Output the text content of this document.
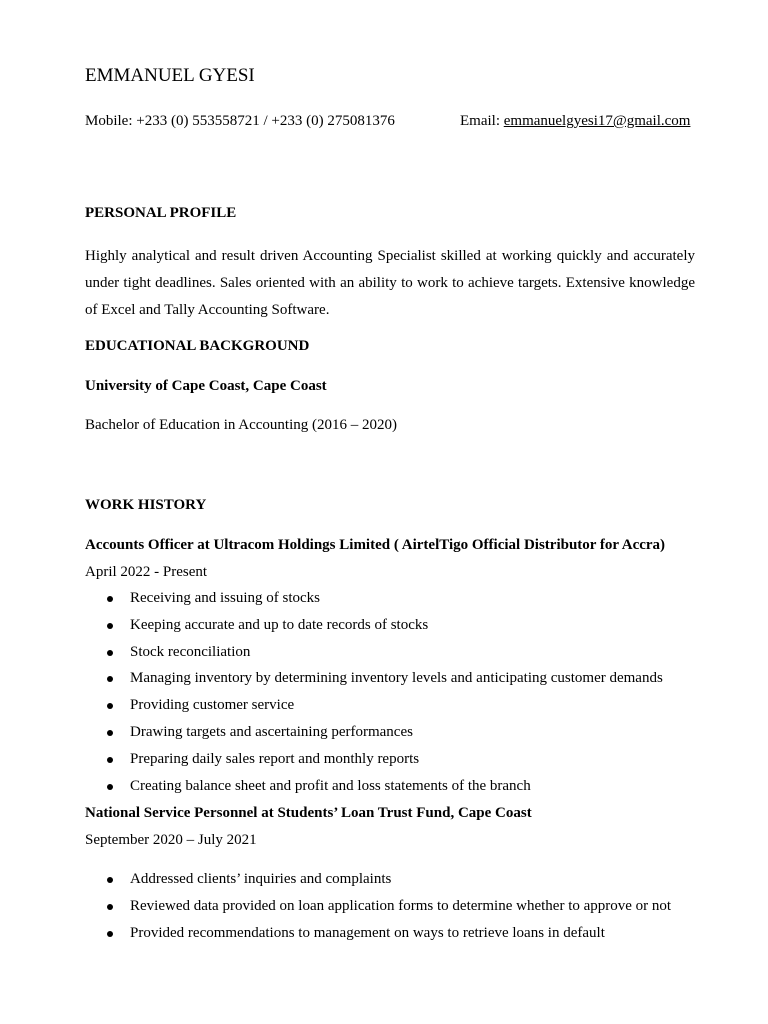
EMMANUEL GYESI
Mobile: +233 (0) 553558721 / +233 (0) 275081376	Email: emmanuelgyesi17@gmail.com
PERSONAL PROFILE
Highly analytical and result driven Accounting Specialist skilled at working quickly and accurately under tight deadlines. Sales oriented with an ability to work to achieve targets. Extensive knowledge of Excel and Tally Accounting Software.
EDUCATIONAL BACKGROUND
University of Cape Coast, Cape Coast
Bachelor of Education in Accounting (2016 – 2020)
WORK HISTORY
Accounts Officer at Ultracom Holdings Limited ( AirtelTigo Official Distributor for Accra)
April 2022 - Present
Receiving and issuing of stocks
Keeping accurate and up to date records of stocks
Stock reconciliation
Managing inventory by determining inventory levels and anticipating customer demands
Providing customer service
Drawing targets and ascertaining performances
Preparing daily sales report and monthly reports
Creating balance sheet and profit and loss statements of the branch
National Service Personnel at Students’ Loan Trust Fund, Cape Coast
September 2020 – July 2021
Addressed clients’ inquiries and complaints
Reviewed data provided on loan application forms to determine whether to approve or not
Provided recommendations to management on ways to retrieve loans in default
